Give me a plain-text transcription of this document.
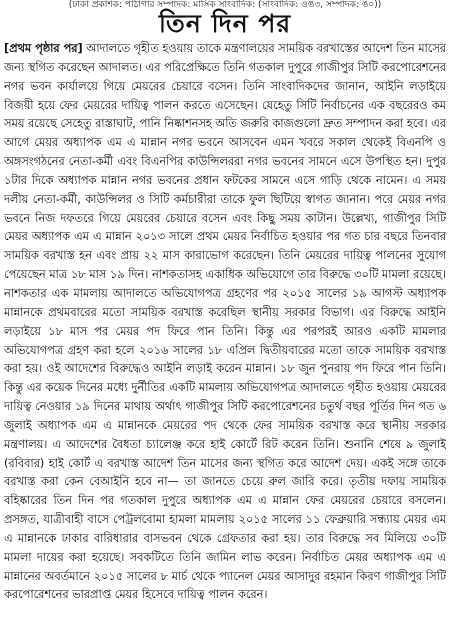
(ঢাকা প্রকাশক: পাঠাগার সম্পাদক: মাসিক সাংবাদিক: (সাংবাদিক: ওঙ৩, সম্পাদক: ঙ০))
তিন দিন পর
[প্রথম পৃষ্ঠার পর] আদালতে গৃহীত হওয়ায় তাকে মন্ত্রণালয়ের সাময়িক বরখাস্তের আদেশ তিন মাসের জন্য স্থগিত করেছেন আদালত। এর পরিপ্রেক্ষিতে তিনি গতকাল দুপুরে গাজীপুর সিটি করপোরেশনের নগর ভবন কার্যালয়ে গিয়ে মেয়রের চেয়ারে বসেন। তিনি সাংবাদিকদের জানান, আইনি লড়াইয়ে বিজয়ী হয়ে ফের মেয়রের দায়িত্ব পালন করতে এসেছেন। যেহেতু সিটি নির্বাচনের এক বছরেরও কম সময় রয়েছে সেহেতু রাস্তাঘাট, পানি নিষ্কাশনসহ অতি জরুরি কাজগুলো দ্রুত সম্পাদন করা হবে। এর আগে মেয়র অধ্যাপক এম এ মান্নান নগর ভবনে আসবেন এমন খবরে সকাল থেকেই বিএনপি ও অঙ্গসংগঠনের নেতা-কর্মী এবং বিএনপির কাউন্সিলররা নগর ভবনের সামনে এসে উপস্থিত হন। দুপুর ১টার দিকে অধ্যাপক মান্নান নগর ভবনের প্রধান ফটকের সামনে এসে গাড়ি থেকে নামেন। এ সময় দলীয় নেতা-কর্মী, কাউন্সিলর ও সিটি কর্মচারীরা তাকে ফুল ছিটিয়ে স্বাগত জানান। পরে মেয়র নগর ভবনে নিজ দফতরে গিয়ে মেয়রের চেয়ারে বসেন এবং কিছু সময় কাটান। উল্লেখ্য, গাজীপুর সিটি মেয়র অধ্যাপক এম এ মান্নান ২০১৩ সালে প্রথম মেয়র নির্বাচিত হওয়ার পর গত চার বছরে তিনবার সাময়িক বরখাস্ত হন এবং প্রায় ২২ মাস কারাভোগ করেছেন। তিনি মেয়রের দায়িত্ব পালনের সুযোগ পেয়েছেন মাত্র ১৮ মাস ১৯ দিন। নাশকতাসহ একাধিক অভিযোগে তার বিরুদ্ধে ৩০টি মামলা রয়েছে। নাশকতার এক মামলায় আদালতে অভিযোগপত্র গ্রহণের পর ২০১৫ সালের ১৯ আগস্ট অধ্যাপক মান্নানকে প্রথমবারের মতো সাময়িক বরখাস্ত করেছিল স্থানীয় সরকার বিভাগ। এর বিরুদ্ধে আইনি লড়াইয়ে ১৮ মাস পর মেয়র পদ ফিরে পান তিনি। কিন্তু এর পরপরই আরও একটি মামলার অভিযোগপত্র গ্রহণ করা হলে ২০১৬ সালের ১৮ এপ্রিল দ্বিতীয়বারের মতো তাকে সাময়িক বরখাস্ত করা হয়। ওই আদেশের বিরুদ্ধেও আইনি লড়াই করেন মান্নান। ১৮ জুন পুনরায় পদ ফিরে পান তিনি। কিন্তু এর কয়েক দিনের মধ্যে দুর্নীতির একটি মামলায় অভিযোগপত্র আদালতে গৃহীত হওয়ায় মেয়রের দায়িত্ব নেওয়ার ১৯ দিনের মাথায় অর্থাৎ গাজীপুর সিটি করপোরেশনের চতুর্থ বছর পূর্তির দিন গত ৬ জুলাই অধ্যাপক এম এ মান্নানকে মেয়রের পদ থেকে ফের সাময়িক বরখাস্ত করে স্থানীয় সরকার মন্ত্রণালয়। এ আদেশের বৈধতা চ্যালেঞ্জ করে হাই কোর্টে রিট করেন তিনি। শুনানি শেষে ৯ জুলাই (রবিবার) হাই কোর্ট এ বরখাস্ত আদেশ তিন মাসের জন্য স্থগিত করে আদেশ দেয়। একই সঙ্গে তাকে বরখাস্ত করা কেন বেআইনি হবে না— তা জানতে চেয়ে রুল জারি করে। তৃতীয় দফায় সাময়িক বহিষ্কারের তিন দিন পর গতকাল দুপুরে অধ্যাপক এম এ মান্নান ফের মেয়রের চেয়ারে বসলেন। প্রসঙ্গত, যাত্রীবাহী বাসে পেট্রলবোমা হামলা মামলায় ২০১৫ সালের ১১ ফেব্রুয়ারি সন্ধ্যায় মেয়র এম এ মান্নানকে ঢাকার বারিধারার বাসভবন থেকে গ্রেফতার করা হয়। তার বিরুদ্ধে সব মিলিয়ে ৩০টি মামলা দায়ের করা হয়েছে। সবকটিতে তিনি জামিন লাভ করেন। নির্বাচিত মেয়র অধ্যাপক এম এ মান্নানের অবর্তমানে ২০১৫ সালের ৮ মার্চ থেকে প্যানেল মেয়র আসাদুর রহমান কিরণ গাজীপুর সিটি করপোরেশনের ভারপ্রাপ্ত মেয়র হিসেবে দায়িত্ব পালন করেন।
